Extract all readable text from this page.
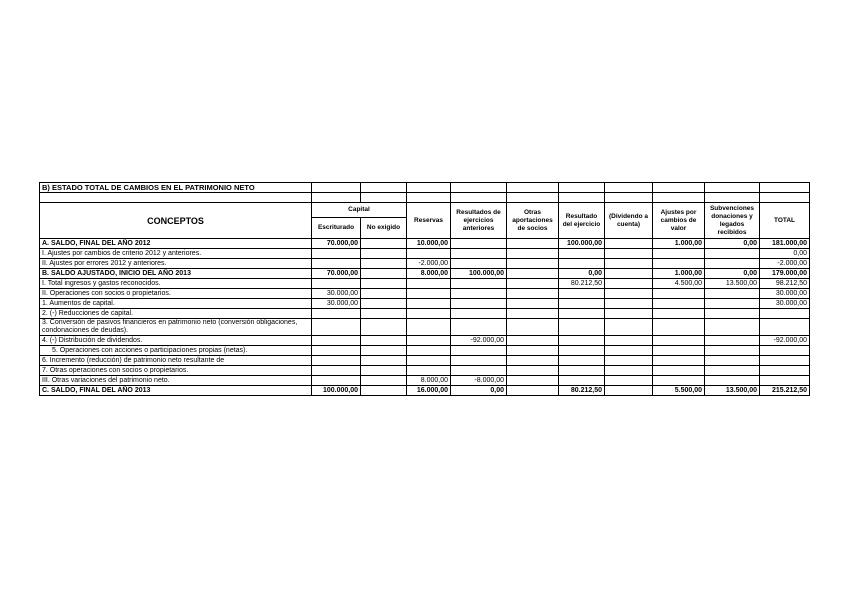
B) ESTADO TOTAL DE CAMBIOS EN EL PATRIMONIO NETO										

CONCEPTOS	Capital		Reservas	Resultados de ejercicios anteriores	Otras aportaciones de socios	Resultado del ejercicio	(Dividendo a cuenta)	Ajustes por cambios de valor	Subvenciones donaciones y legados recibidos	TOTAL
	Escriturado	No exigido								
A. SALDO, FINAL DEL AÑO 2012	70.000,00		10.000,00			100.000,00		1.000,00	0,00	181.000,00
I. Ajustes por cambios de criterio 2012 y anteriores.										0,00
II. Ajustes por errores 2012 y anteriores.			-2.000,00							-2.000,00
B. SALDO AJUSTADO, INICIO DEL AÑO 2013	70.000,00		8.000,00	100.000,00		0,00		1.000,00	0,00	179.000,00
I. Total ingresos y gastos reconocidos.						80.212,50		4.500,00	13.500,00	98.212,50
II. Operaciones con socios o propietarios.	30.000,00									30.000,00
1. Aumentos de capital.	30.000,00									30.000,00
2. (-) Reducciones de capital.										
3. Conversión de pasivos financieros en patrimonio neto (conversión obligaciones, condonaciones de deudas).										
4. (-) Distribución de dividendos.				-92.000,00						-92.000,00
5. Operaciones con acciones o participaciones propias (netas).										
6. Incremento (reducción) de patrimonio neto resultante de										
7. Otras operaciones con socios o propietarios.										
III. Otras variaciones del patrimonio neto.			8.000,00	-8.000,00						
C. SALDO, FINAL DEL AÑO 2013	100.000,00		16.000,00	0,00		80.212,50		5.500,00	13.500,00	215.212,50
